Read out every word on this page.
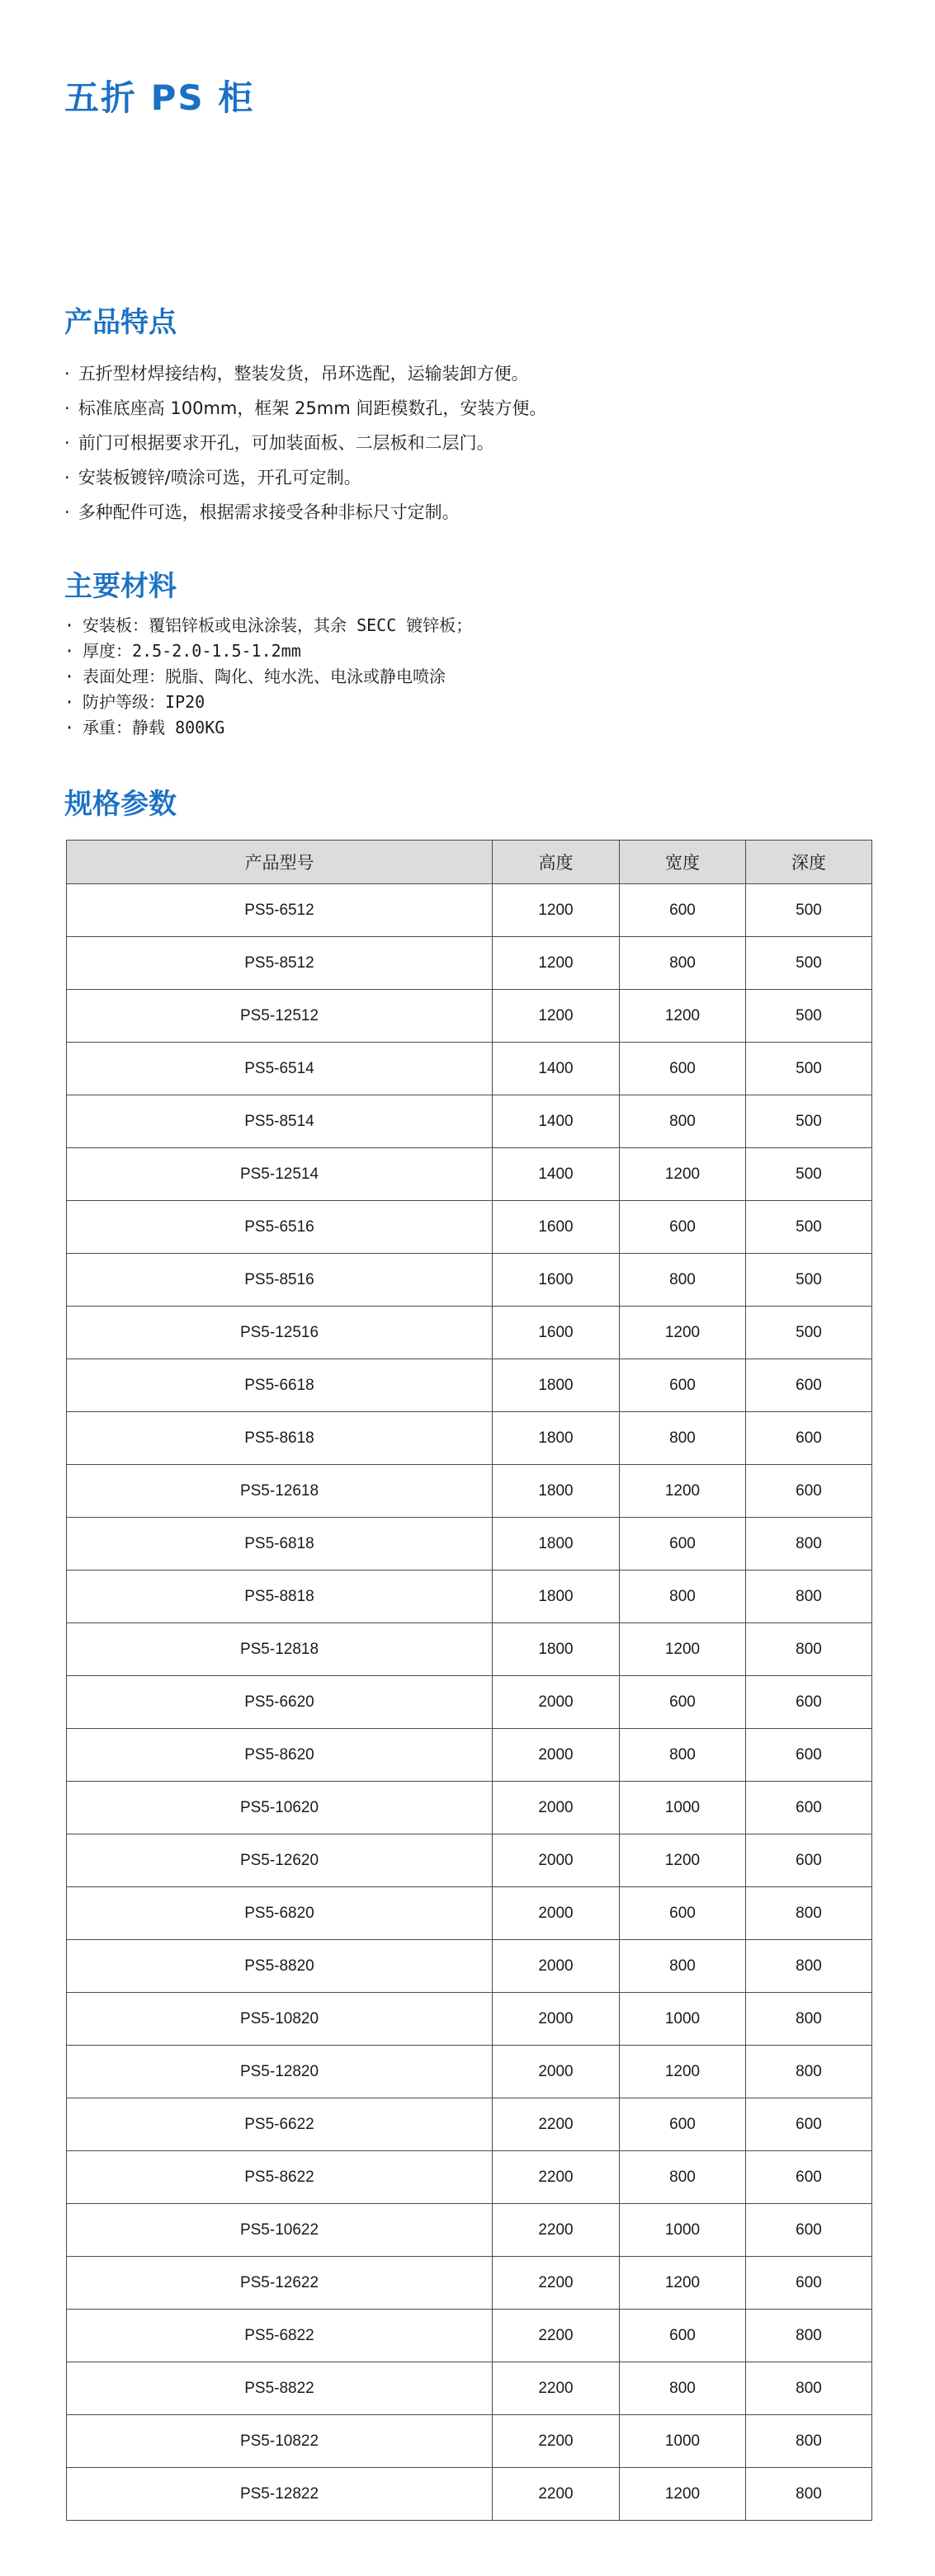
五折 PS 柜
产品特点
· 五折型材焊接结构，整装发货，吊环选配，运输装卸方便。
· 标准底座高 100mm，框架 25mm 间距模数孔，安装方便。
· 前门可根据要求开孔，可加装面板、二层板和二层门。
· 安装板镀锌/喷涂可选，开孔可定制。
· 多种配件可选，根据需求接受各种非标尺寸定制。
主要材料
· 安装板：覆铝锌板或电泳涂装，其余 SECC 镀锌板；
· 厚度：2.5-2.0-1.5-1.2mm
· 表面处理：脱脂、陶化、纯水洗、电泳或静电喷涂
· 防护等级：IP20
· 承重：静载 800KG
规格参数
产品型号	高度	宽度	深度
PS5-6512	1200	600	500
PS5-8512	1200	800	500
PS5-12512	1200	1200	500
PS5-6514	1400	600	500
PS5-8514	1400	800	500
PS5-12514	1400	1200	500
PS5-6516	1600	600	500
PS5-8516	1600	800	500
PS5-12516	1600	1200	500
PS5-6618	1800	600	600
PS5-8618	1800	800	600
PS5-12618	1800	1200	600
PS5-6818	1800	600	800
PS5-8818	1800	800	800
PS5-12818	1800	1200	800
PS5-6620	2000	600	600
PS5-8620	2000	800	600
PS5-10620	2000	1000	600
PS5-12620	2000	1200	600
PS5-6820	2000	600	800
PS5-8820	2000	800	800
PS5-10820	2000	1000	800
PS5-12820	2000	1200	800
PS5-6622	2200	600	600
PS5-8622	2200	800	600
PS5-10622	2200	1000	600
PS5-12622	2200	1200	600
PS5-6822	2200	600	800
PS5-8822	2200	800	800
PS5-10822	2200	1000	800
PS5-12822	2200	1200	800
